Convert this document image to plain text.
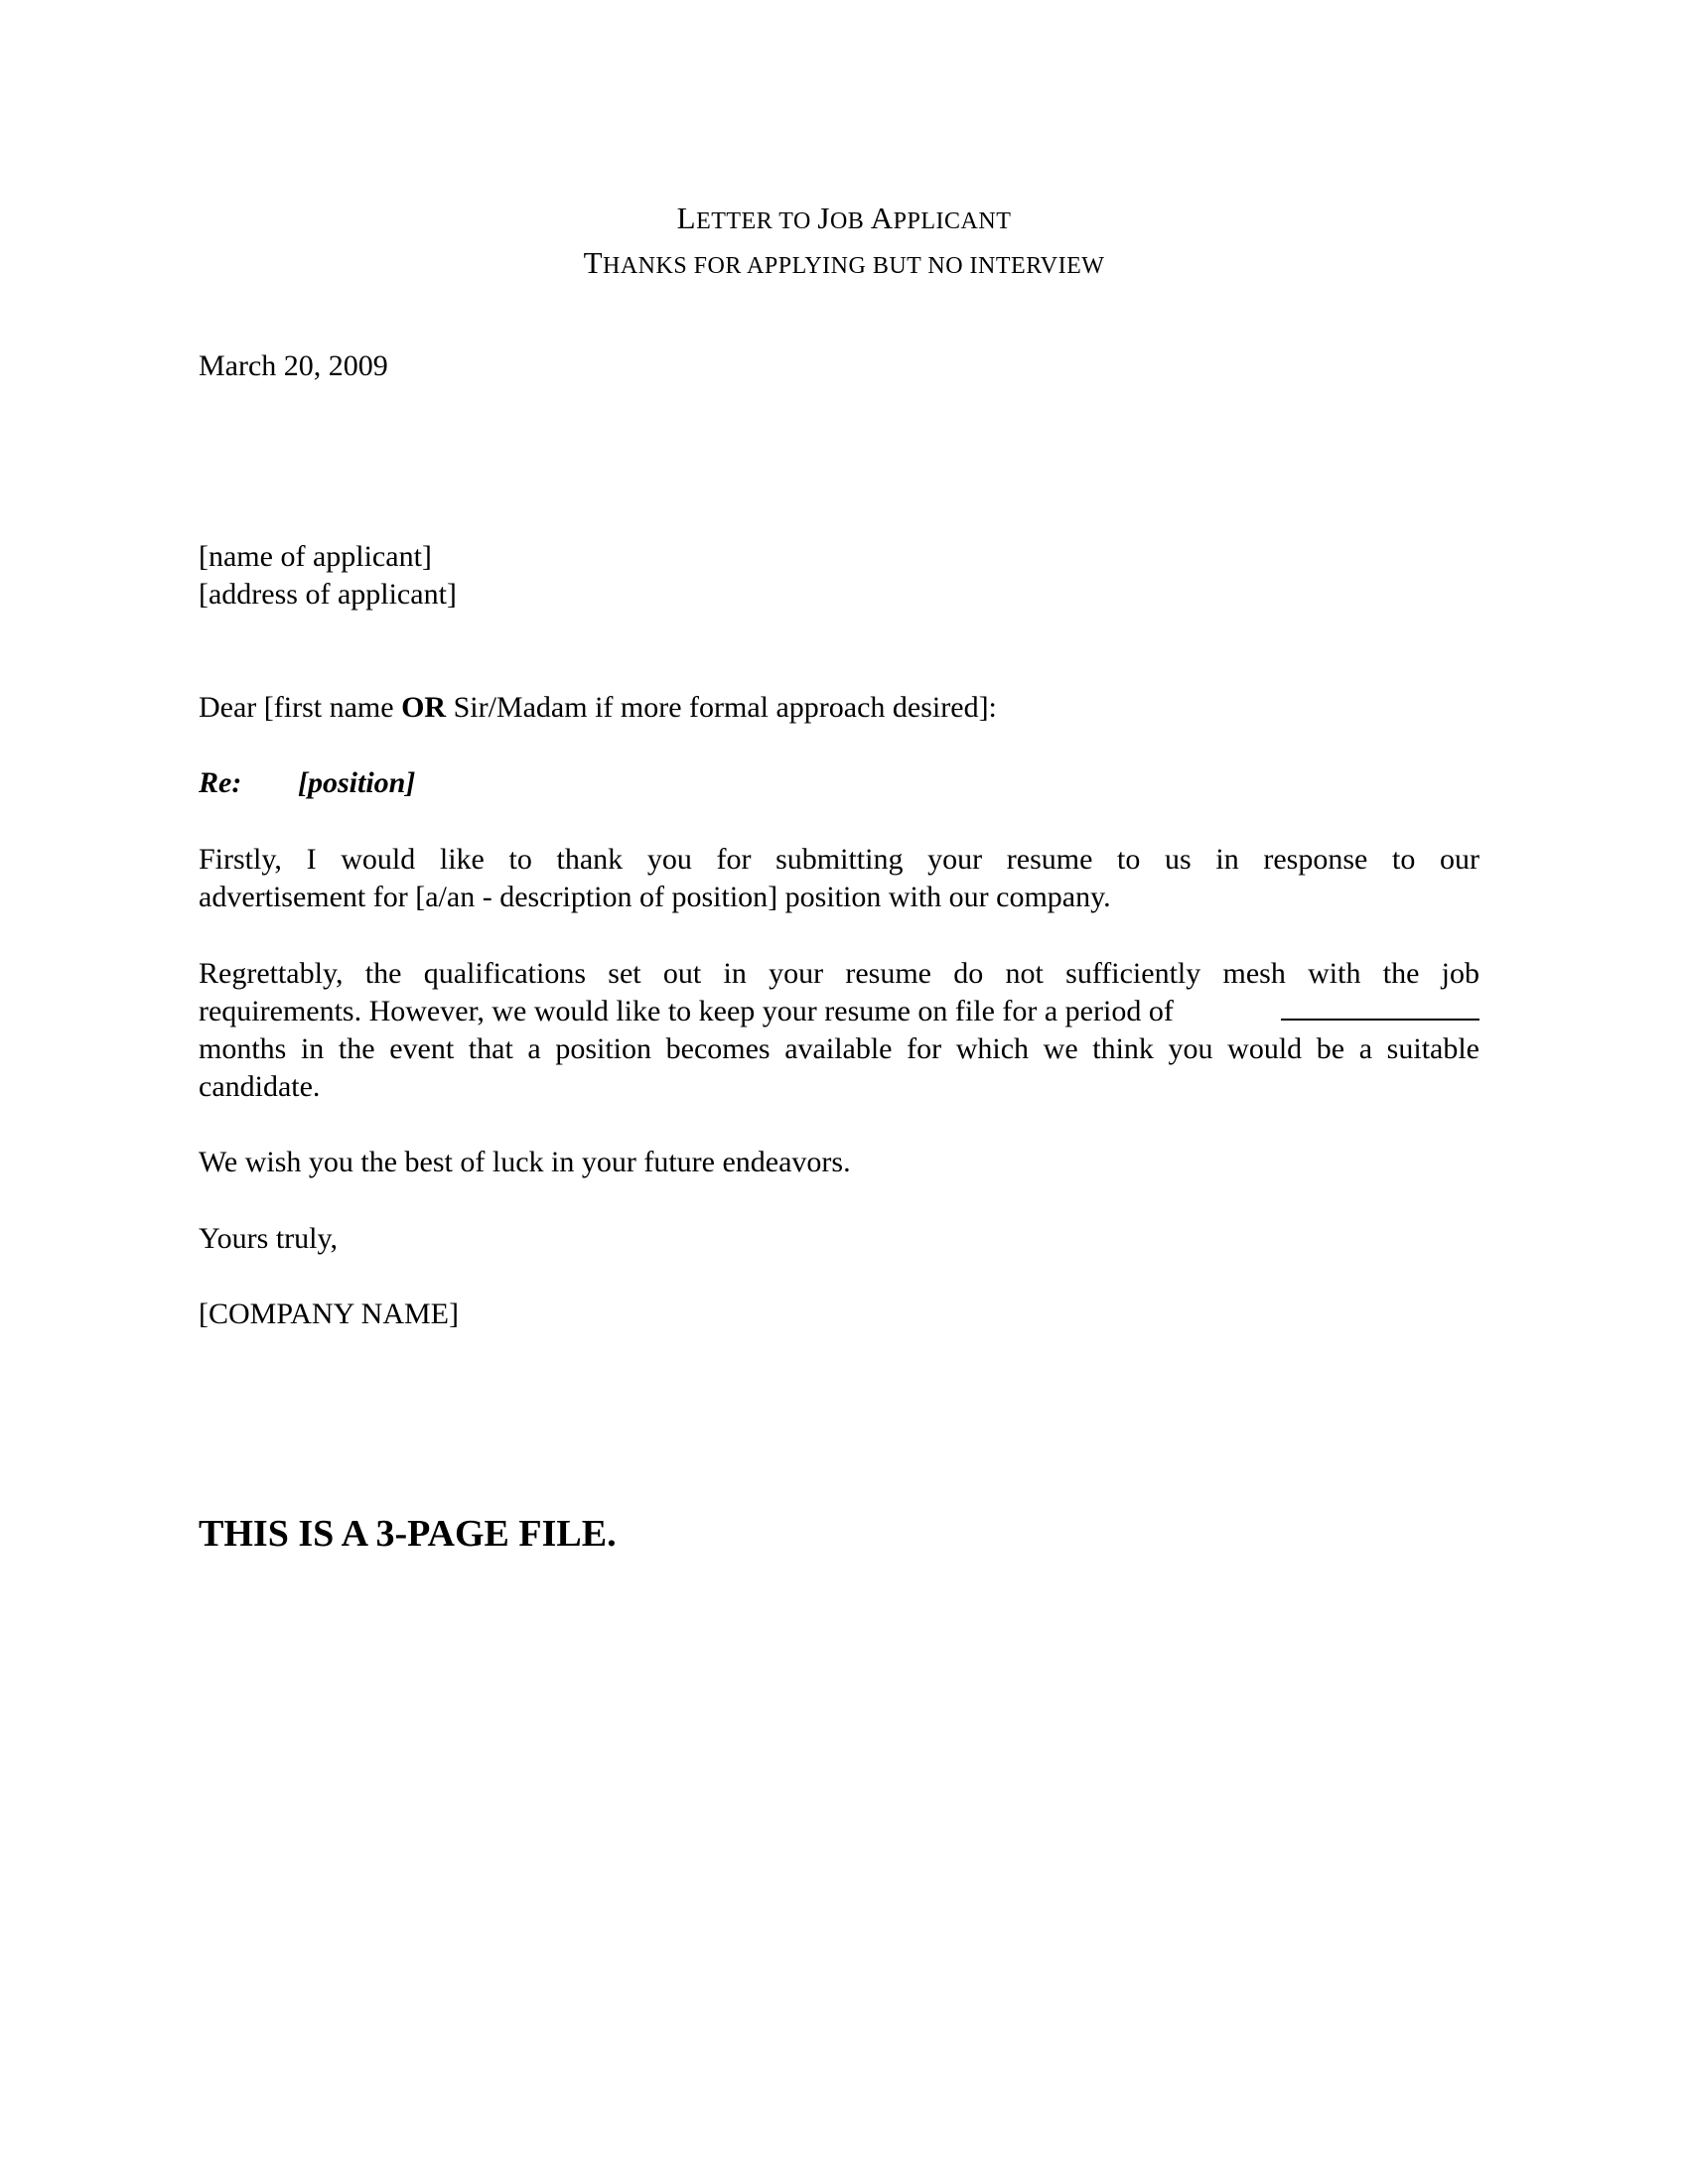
LETTER TO JOB APPLICANT
THANKS FOR APPLYING BUT NO INTERVIEW
March 20, 2009
[name of applicant]
[address of applicant]
Dear [first name OR Sir/Madam if more formal approach desired]:
Re: [position]
Firstly, I would like to thank you for submitting your resume to us in response to our
advertisement for [a/an - description of position] position with our company.
Regrettably, the qualifications set out in your resume do not sufficiently mesh with the job
requirements. However, we would like to keep your resume on file for a period of
months in the event that a position becomes available for which we think you would be a suitable
candidate.
We wish you the best of luck in your future endeavors.
Yours truly,
[COMPANY NAME]
THIS IS A 3-PAGE FILE.
